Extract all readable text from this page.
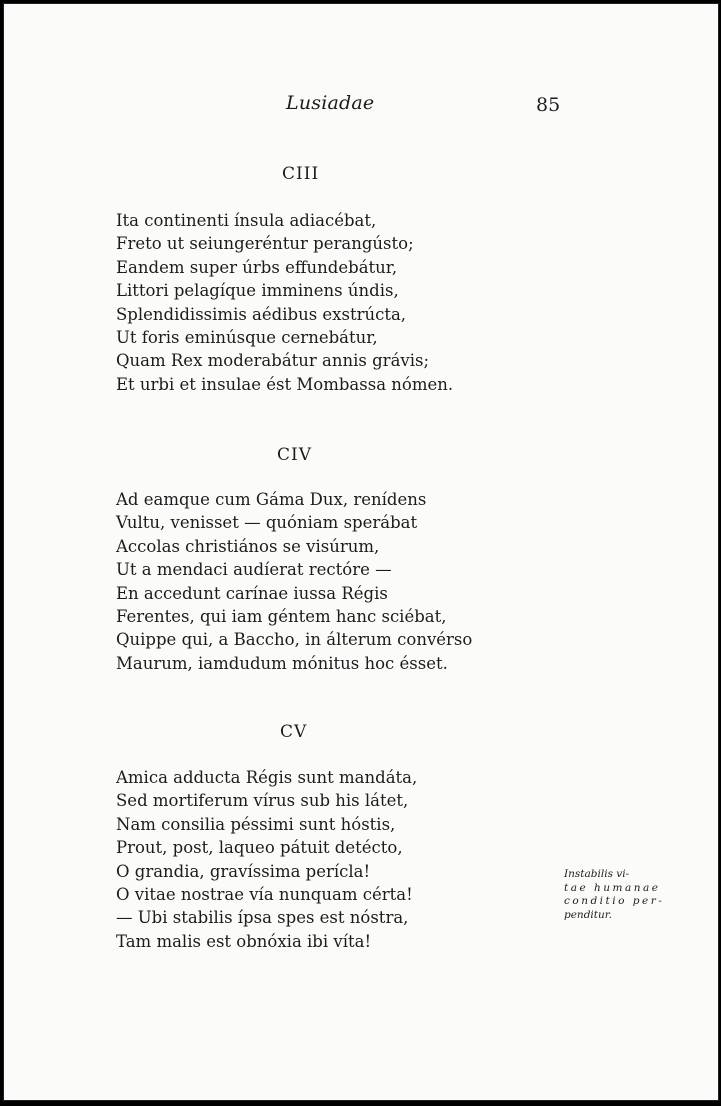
Lusiadae	85
CIII
Ita continenti ínsula adiacébat,
Freto ut seiungeréntur perangústo;
Eandem super úrbs effundebátur,
Littori pelagíque imminens úndis,
Splendidissimis aédibus exstrúcta,
Ut foris eminúsque cernebátur,
Quam Rex moderabátur annis grávis;
Et urbi et insulae ést Mombassa nómen.
CIV
Ad eamque cum Gáma Dux, renídens
Vultu, venisset — quóniam sperábat
Accolas christiános se visúrum,
Ut a mendaci audíerat rectóre —
En accedunt carínae iussa Régis
Ferentes, qui iam géntem hanc sciébat,
Quippe qui, a Baccho, in álterum convérso
Maurum, iamdudum mónitus hoc ésset.
CV
Amica adducta Régis sunt mandáta,
Sed mortiferum vírus sub his látet,
Nam consilia péssimi sunt hóstis,
Prout, post, laqueo pátuit detécto,
O grandia, gravíssima perícla!
O vitae nostrae vía nunquam cérta!
— Ubi stabilis ípsa spes est nóstra,
Tam malis est obnóxia ibi víta!
Instabilis vi-
tae humanae
conditio per-
penditur.
